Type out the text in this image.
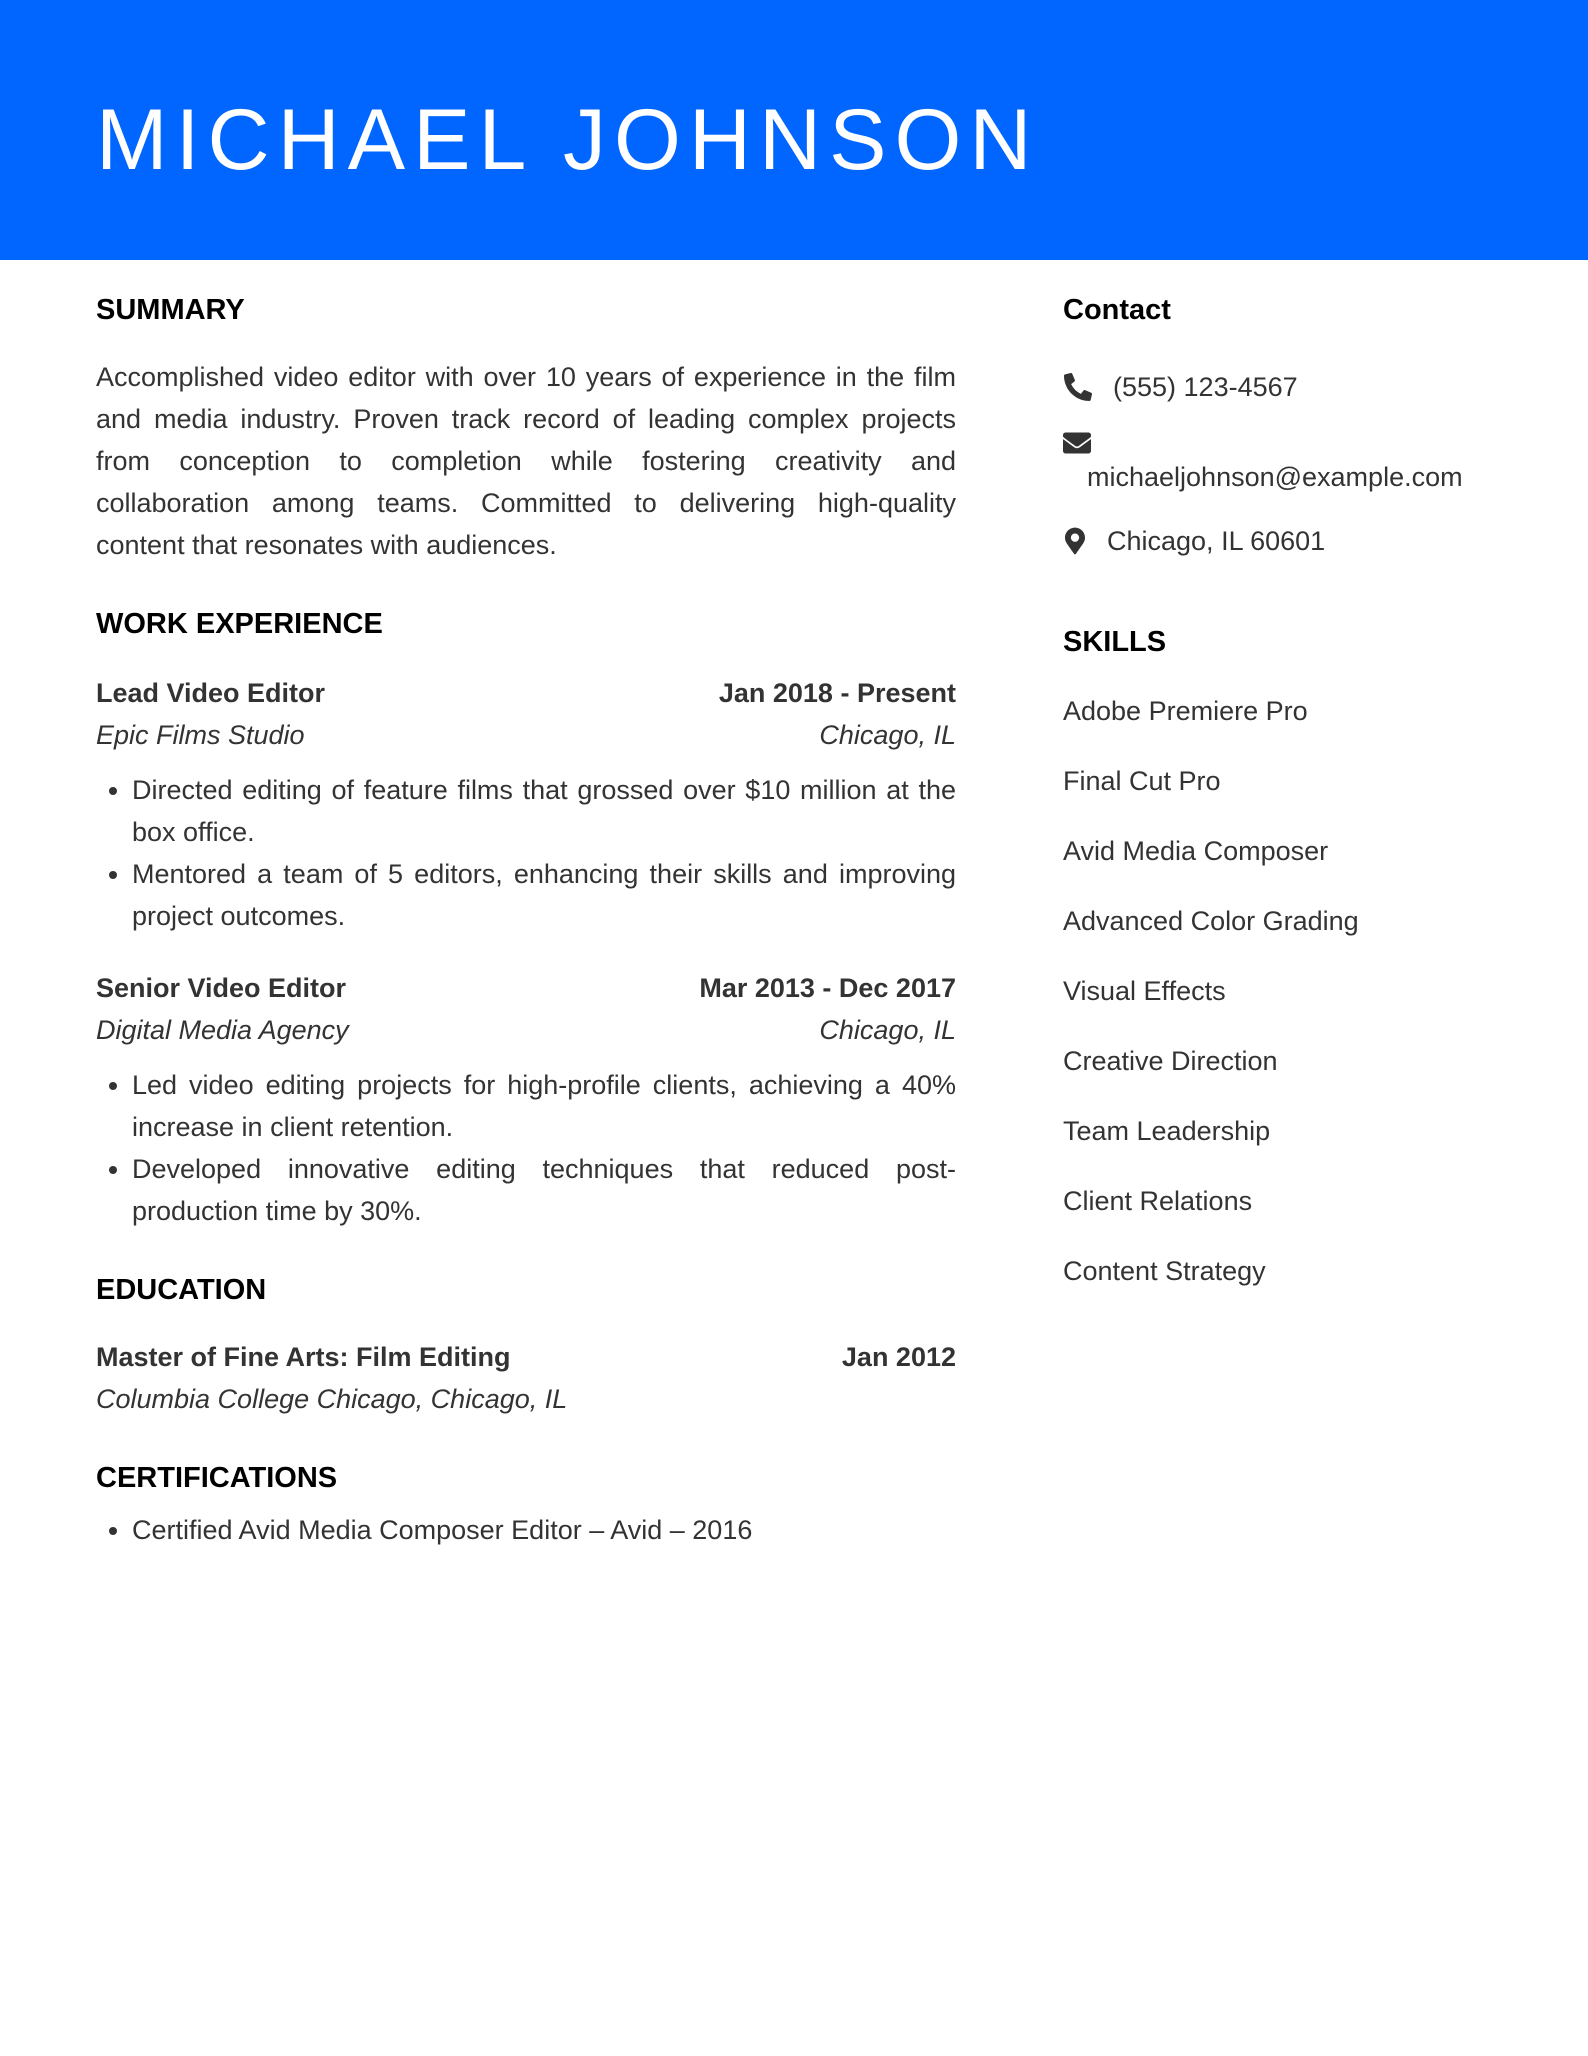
MICHAEL JOHNSON
SUMMARY

Accomplished video editor with over 10 years of experience in the film and media industry. Proven track record of leading complex projects from conception to completion while fostering creativity and collaboration among teams. Committed to delivering high-quality content that resonates with audiences.

WORK EXPERIENCE
Lead Video Editor	Jan 2018 - Present
Epic Films Studio	Chicago, IL
• Directed editing of feature films that grossed over $10 million at the box office.
• Mentored a team of 5 editors, enhancing their skills and improving project outcomes.
Senior Video Editor	Mar 2013 - Dec 2017
Digital Media Agency	Chicago, IL
• Led video editing projects for high-profile clients, achieving a 40% increase in client retention.
• Developed innovative editing techniques that reduced post-production time by 30%.
EDUCATION
Master of Fine Arts: Film Editing	Jan 2012
Columbia College Chicago, Chicago, IL
CERTIFICATIONS
• Certified Avid Media Composer Editor – Avid – 2016
Contact
(555) 123-4567
michaeljohnson@example.com
Chicago, IL 60601
SKILLS
Adobe Premiere Pro
Final Cut Pro
Avid Media Composer
Advanced Color Grading
Visual Effects
Creative Direction
Team Leadership
Client Relations
Content Strategy
